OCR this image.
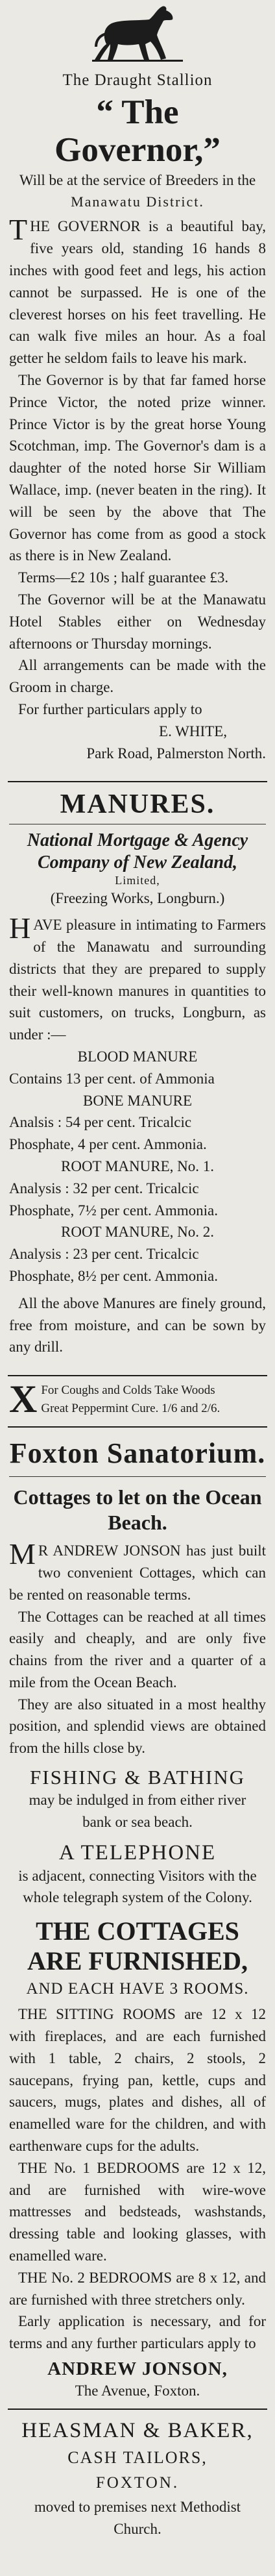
The Draught Stallion
“ The Governor,”
Will be at the service of Breeders in the
Manawatu District.
THE GOVERNOR is a beautiful bay, five years old, standing 16 hands 8 inches with good feet and legs, his action cannot be surpassed. He is one of the cleverest horses on his feet travelling. He can walk five miles an hour. As a foal getter he seldom fails to leave his mark.
The Governor is by that far famed horse Prince Victor, the noted prize winner. Prince Victor is by the great horse Young Scotchman, imp. The Governor's dam is a daughter of the noted horse Sir William Wallace, imp. (never beaten in the ring). It will be seen by the above that The Governor has come from as good a stock as there is in New Zealand.
Terms—£2 10s ; half guarantee £3.
The Governor will be at the Manawatu Hotel Stables either on Wednesday afternoons or Thursday mornings.
All arrangements can be made with the Groom in charge.
For further particulars apply to
E. WHITE,
Park Road, Palmerston North.
MANURES.
National Mortgage & Agency Company of New Zealand,
Limited,
(Freezing Works, Longburn.)
HAVE pleasure in intimating to Farmers of the Manawatu and surrounding districts that they are prepared to supply their well-known manures in quantities to suit customers, on trucks, Longburn, as under :—
BLOOD MANURE
Contains 13 per cent. of Ammonia
BONE MANURE
Analsis : 54 per cent. Tricalcic
Phosphate, 4 per cent. Ammonia.
ROOT MANURE, No. 1.
Analysis : 32 per cent. Tricalcic
Phosphate, 7½ per cent. Ammonia.
ROOT MANURE, No. 2.
Analysis : 23 per cent. Tricalcic
Phosphate, 8½ per cent. Ammonia.
All the above Manures are finely ground, free from moisture, and can be sown by any drill.
X For Coughs and Colds Take Woods
Great Peppermint Cure. 1/6 and 2/6.
Foxton Sanatorium.
Cottages to let on the Ocean Beach.
M R ANDREW JONSON has just built two convenient Cottages, which can be rented on reasonable terms.
The Cottages can be reached at all times easily and cheaply, and are only five chains from the river and a quarter of a mile from the Ocean Beach.
They are also situated in a most healthy position, and splendid views are obtained from the hills close by.
FISHING & BATHING
may be indulged in from either river bank or sea beach.
A TELEPHONE
is adjacent, connecting Visitors with the whole telegraph system of the Colony.
THE COTTAGES ARE FURNISHED,
AND EACH HAVE 3 ROOMS.
THE SITTING ROOMS are 12 x 12 with fireplaces, and are each furnished with 1 table, 2 chairs, 2 stools, 2 saucepans, frying pan, kettle, cups and saucers, mugs, plates and dishes, all of enamelled ware for the children, and with earthenware cups for the adults.
THE No. 1 BEDROOMS are 12 x 12, and are furnished with wire-wove mattresses and bedsteads, washstands, dressing table and looking glasses, with enamelled ware.
THE No. 2 BEDROOMS are 8 x 12, and are furnished with three stretchers only.
Early application is necessary, and for terms and any further particulars apply to
ANDREW JONSON,
The Avenue, Foxton.
HEASMAN & BAKER,
CASH TAILORS,
FOXTON.
moved to premises next Methodist Church.
